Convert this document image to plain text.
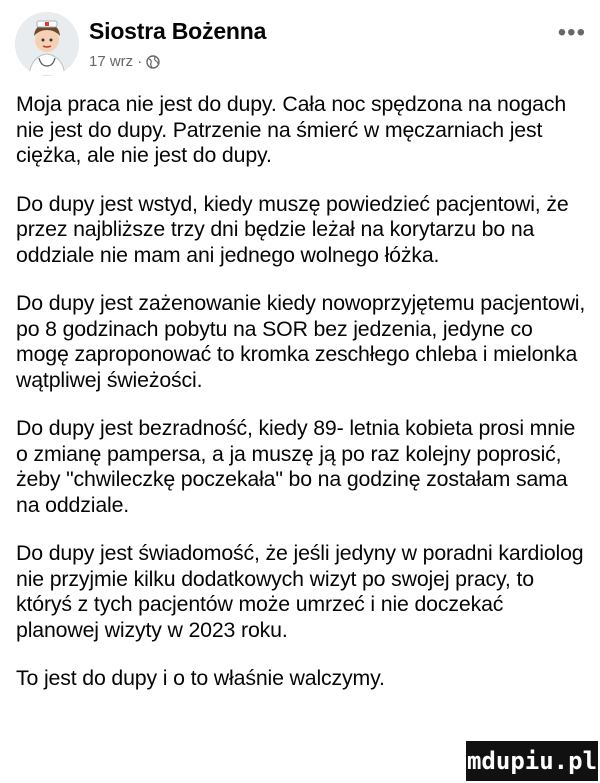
Siostra Bożenna
17 wrz ·
•••

Moja praca nie jest do dupy. Cała noc spędzona na nogach nie jest do dupy. Patrzenie na śmierć w męczarniach jest ciężka, ale nie jest do dupy.

Do dupy jest wstyd, kiedy muszę powiedzieć pacjentowi, że przez najbliższe trzy dni będzie leżał na korytarzu bo na oddziale nie mam ani jednego wolnego łóżka.

Do dupy jest zażenowanie kiedy nowoprzyjętemu pacjentowi, po 8 godzinach pobytu na SOR bez jedzenia, jedyne co mogę zaproponować to kromka zeschłego chleba i mielonka wątpliwej świeżości.

Do dupy jest bezradność, kiedy 89- letnia kobieta prosi mnie o zmianę pampersa, a ja muszę ją po raz kolejny poprosić, żeby "chwileczkę poczekała" bo na godzinę zostałam sama na oddziale.

Do dupy jest świadomość, że jeśli jedyny w poradni kardiolog nie przyjmie kilku dodatkowych wizyt po swojej pracy, to któryś z tych pacjentów może umrzeć i nie doczekać planowej wizyty w 2023 roku.

To jest do dupy i o to właśnie walczymy.

mdupiu.pl
